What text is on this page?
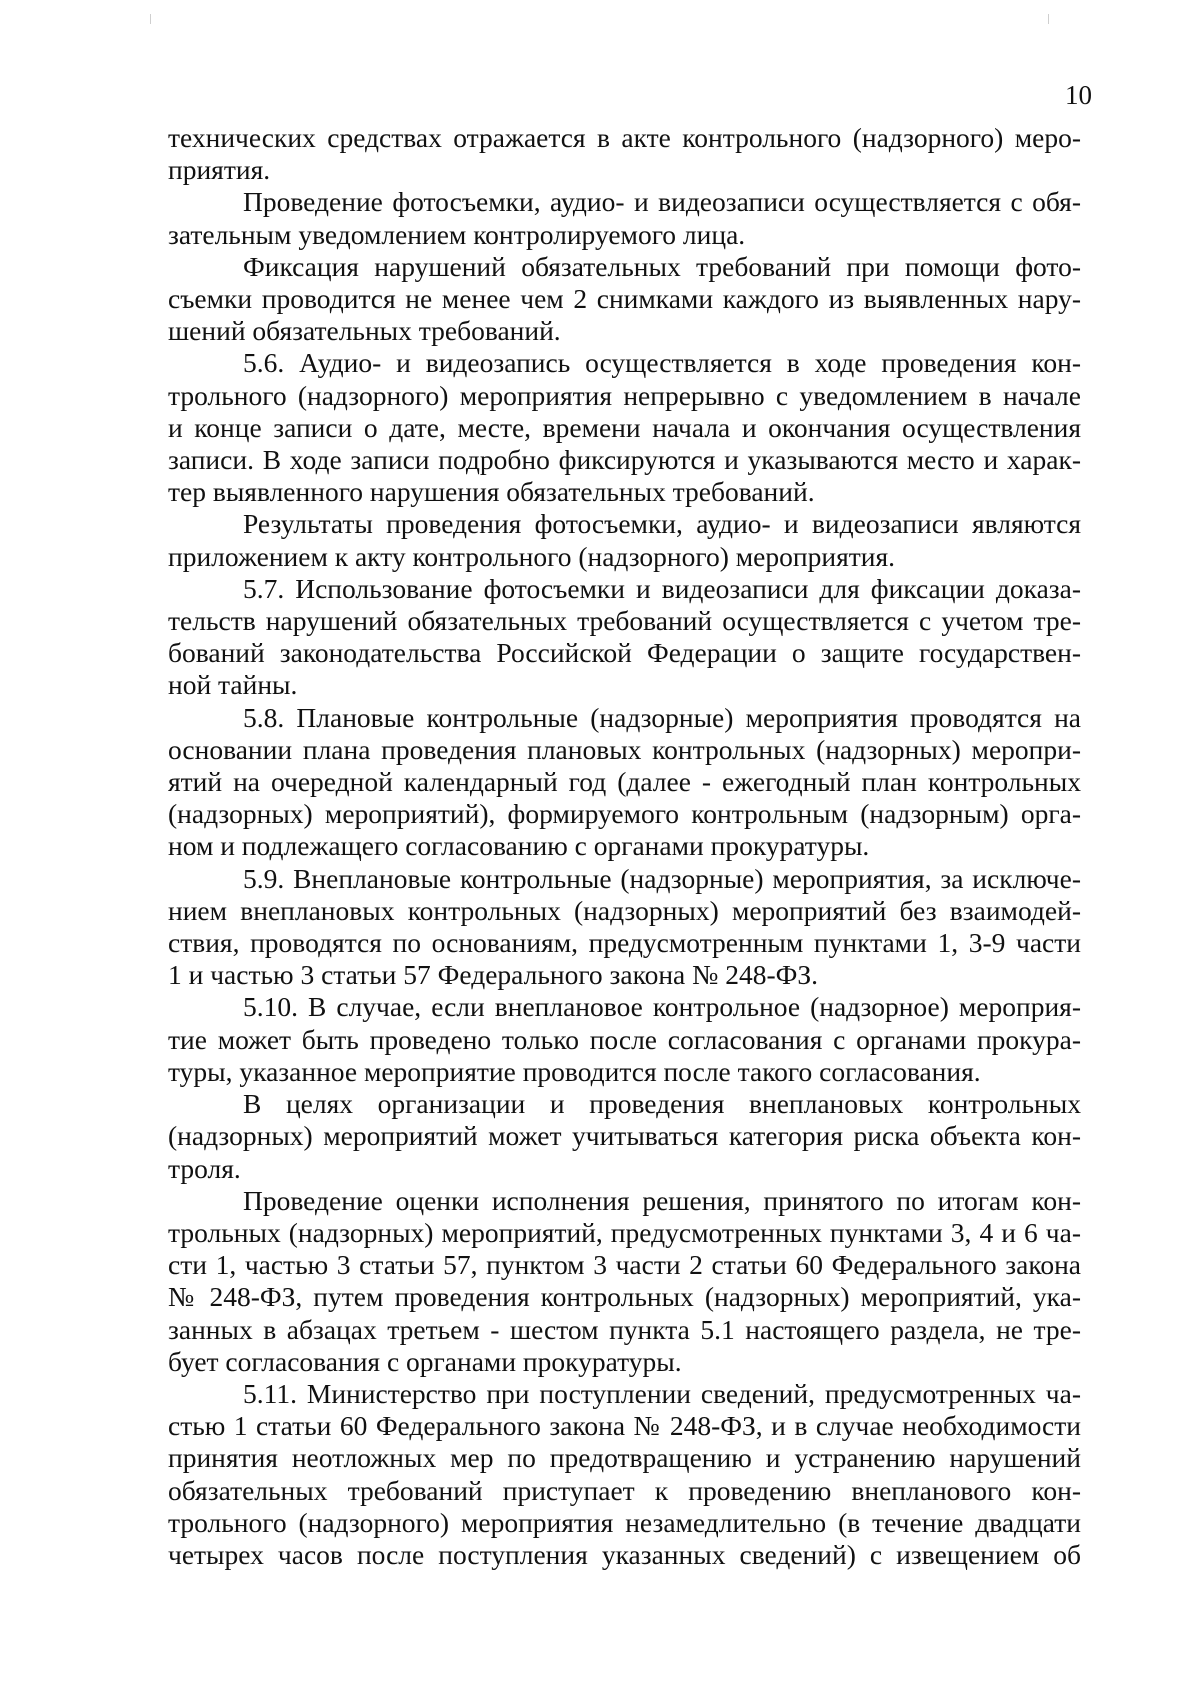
10
технических средствах отражается в акте контрольного (надзорного) меро-
приятия.
Проведение фотосъемки, аудио- и видеозаписи осуществляется с обя-
зательным уведомлением контролируемого лица.
Фиксация нарушений обязательных требований при помощи фото-
съемки проводится не менее чем 2 снимками каждого из выявленных нару-
шений обязательных требований.
5.6. Аудио- и видеозапись осуществляется в ходе проведения кон-
трольного (надзорного) мероприятия непрерывно с уведомлением в начале
и конце записи о дате, месте, времени начала и окончания осуществления
записи. В ходе записи подробно фиксируются и указываются место и харак-
тер выявленного нарушения обязательных требований.
Результаты проведения фотосъемки, аудио- и видеозаписи являются
приложением к акту контрольного (надзорного) мероприятия.
5.7. Использование фотосъемки и видеозаписи для фиксации доказа-
тельств нарушений обязательных требований осуществляется с учетом тре-
бований законодательства Российской Федерации о защите государствен-
ной тайны.
5.8. Плановые контрольные (надзорные) мероприятия проводятся на
основании плана проведения плановых контрольных (надзорных) меропри-
ятий на очередной календарный год (далее - ежегодный план контрольных
(надзорных) мероприятий), формируемого контрольным (надзорным) орга-
ном и подлежащего согласованию с органами прокуратуры.
5.9. Внеплановые контрольные (надзорные) мероприятия, за исключе-
нием внеплановых контрольных (надзорных) мероприятий без взаимодей-
ствия, проводятся по основаниям, предусмотренным пунктами 1, 3-9 части
1 и частью 3 статьи 57 Федерального закона № 248-ФЗ.
5.10. В случае, если внеплановое контрольное (надзорное) мероприя-
тие может быть проведено только после согласования с органами прокура-
туры, указанное мероприятие проводится после такого согласования.
В целях организации и проведения внеплановых контрольных
(надзорных) мероприятий может учитываться категория риска объекта кон-
троля.
Проведение оценки исполнения решения, принятого по итогам кон-
трольных (надзорных) мероприятий, предусмотренных пунктами 3, 4 и 6 ча-
сти 1, частью 3 статьи 57, пунктом 3 части 2 статьи 60 Федерального закона
№ 248-ФЗ, путем проведения контрольных (надзорных) мероприятий, ука-
занных в абзацах третьем - шестом пункта 5.1 настоящего раздела, не тре-
бует согласования с органами прокуратуры.
5.11. Министерство при поступлении сведений, предусмотренных ча-
стью 1 статьи 60 Федерального закона № 248-ФЗ, и в случае необходимости
принятия неотложных мер по предотвращению и устранению нарушений
обязательных требований приступает к проведению внепланового кон-
трольного (надзорного) мероприятия незамедлительно (в течение двадцати
четырех часов после поступления указанных сведений) с извещением об
